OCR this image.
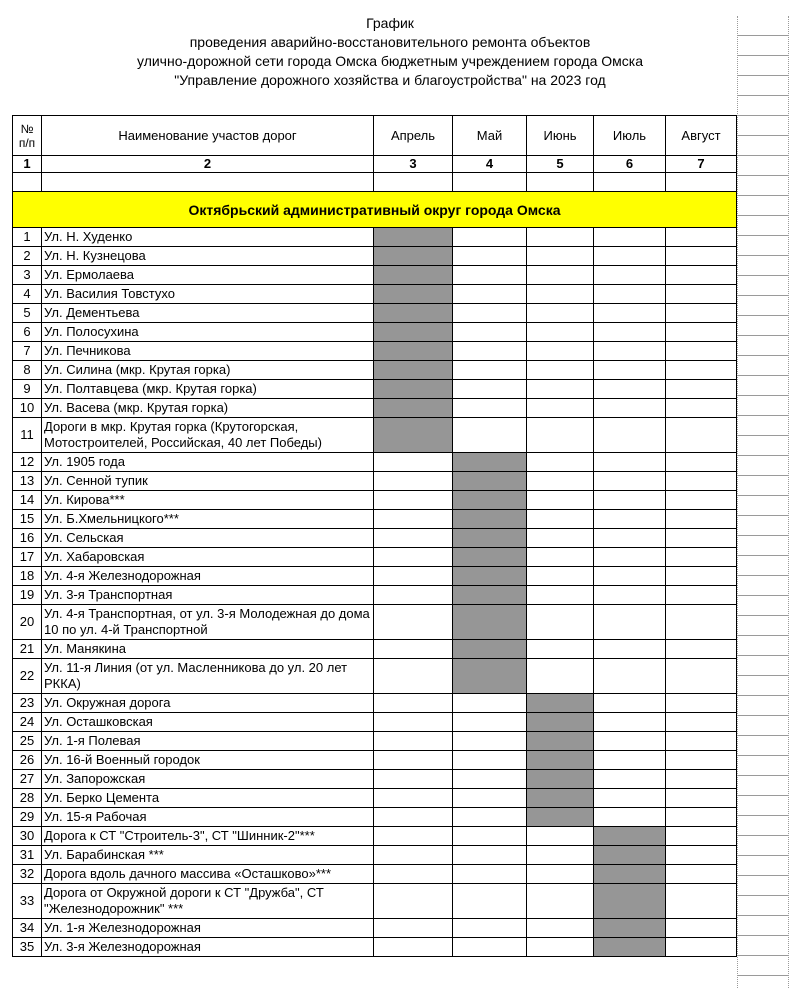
График
проведения аварийно-восстановительного ремонта объектов
улично-дорожной сети города Омска бюджетным учреждением города Омска
"Управление дорожного хозяйства и благоустройства" на 2023 год
№ п/п	Наименование участов дорог	Апрель	Май	Июнь	Июль	Август
1	2	3	4	5	6	7

Октябрьский административный округ города Омска						
1	Ул. Н. Худенко					
2	Ул. Н. Кузнецова					
3	Ул. Ермолаева					
4	Ул. Василия Товстухо					
5	Ул. Дементьева					
6	Ул. Полосухина					
7	Ул. Печникова					
8	Ул. Силина (мкр. Крутая горка)					
9	Ул. Полтавцева (мкр. Крутая горка)					
10	Ул. Васева (мкр. Крутая горка)					
11	Дороги в мкр. Крутая горка (Крутогорская, Мотостроителей, Российская, 40 лет Победы)					
12	Ул. 1905 года					
13	Ул. Сенной тупик					
14	Ул. Кирова***					
15	Ул. Б.Хмельницкого***					
16	Ул. Сельская					
17	Ул. Хабаровская					
18	Ул. 4-я Железнодорожная					
19	Ул. 3-я Транспортная					
20	Ул. 4-я Транспортная, от ул. 3-я Молодежная до дома 10 по ул. 4-й Транспортной					
21	Ул. Манякина					
22	Ул. 11-я Линия (от ул. Масленникова до ул. 20 лет РККА)					
23	Ул. Окружная дорога					
24	Ул. Осташковская					
25	Ул. 1-я Полевая					
26	Ул. 16-й Военный городок					
27	Ул. Запорожская					
28	Ул. Берко Цемента					
29	Ул. 15-я Рабочая					
30	Дорога к СТ "Строитель-3", СТ "Шинник-2"***					
31	Ул. Барабинская ***					
32	Дорога вдоль дачного массива «Осташково»***					
33	Дорога от Окружной дороги к СТ "Дружба", СТ "Железнодорожник" ***					
34	Ул. 1-я Железнодорожная					
35	Ул. 3-я Железнодорожная					
